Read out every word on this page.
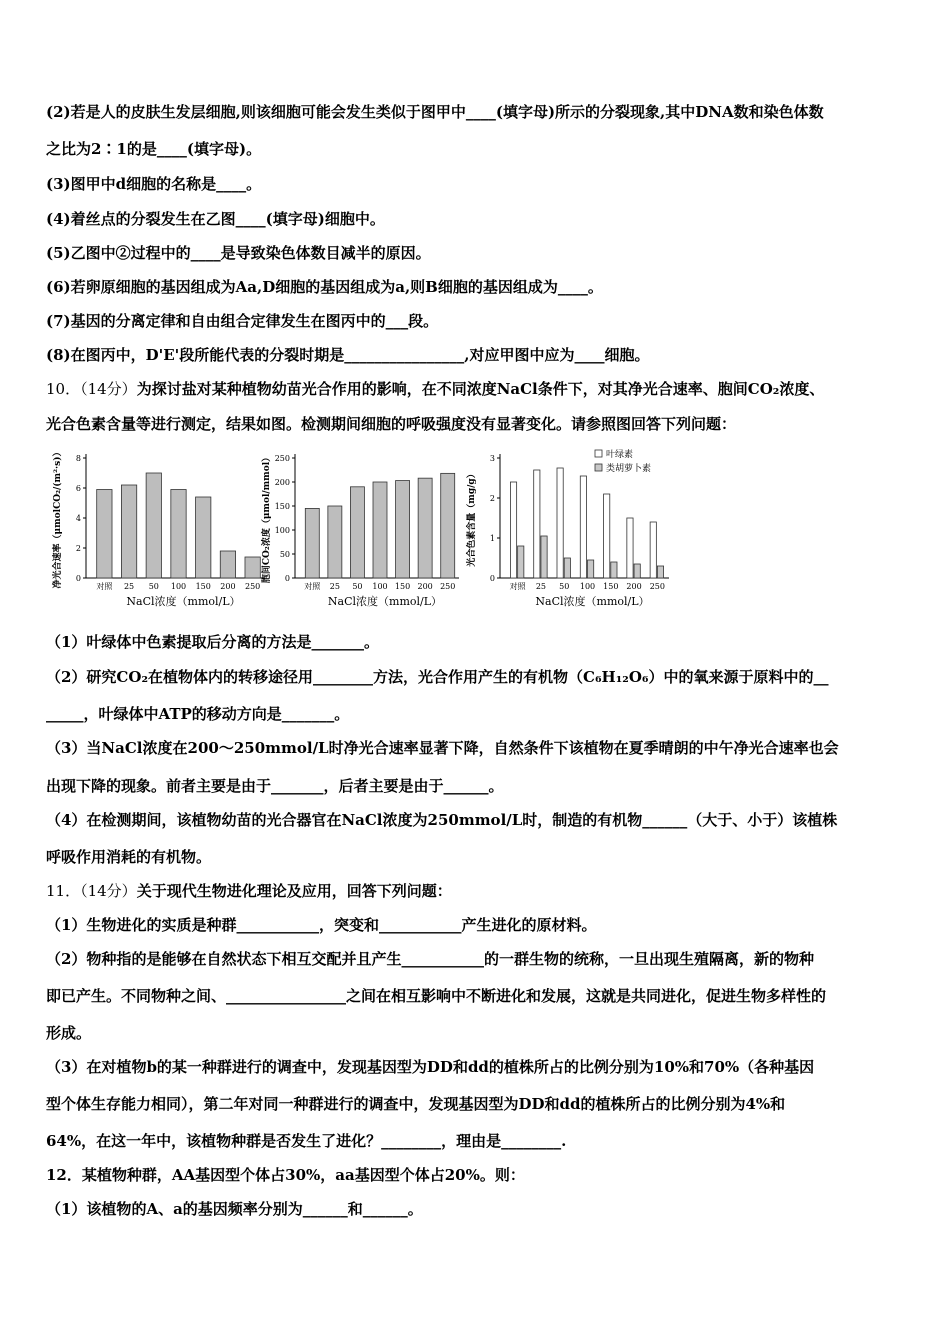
(2)若是人的皮肤生发层细胞,则该细胞可能会发生类似于图甲中____(填字母)所示的分裂现象,其中DNA数和染色体数
之比为2∶1的是____(填字母)。
(3)图甲中d细胞的名称是____。
(4)着丝点的分裂发生在乙图____(填字母)细胞中。
(5)乙图中②过程中的____是导致染色体数目减半的原因。
(6)若卵原细胞的基因组成为Aa,D细胞的基因组成为a,则B细胞的基因组成为____。
(7)基因的分离定律和自由组合定律发生在图丙中的___段。
(8)在图丙中，D'E'段所能代表的分裂时期是________________,对应甲图中应为____细胞。
10．（14分）为探讨盐对某种植物幼苗光合作用的影响，在不同浓度NaCl条件下，对其净光合速率、胞间CO₂浓度、
光合色素含量等进行测定，结果如图。检测期间细胞的呼吸强度没有显著变化。请参照图回答下列问题：
0
2
4
6
8
净光合速率（μmolCO₂/(m²·s)）	对照 25 50 100 150 200 250
NaCl浓度（mmol/L）
0
50
100
150
200
250
胞间CO₂浓度（μmol/mmol）
对照 25 50 100 150 200 250
NaCl浓度（mmol/L）
0
1
2
3
光合色素含量（mg/g）
对照 25 50 100 150 200 250
NaCl浓度（mmol/L）
叶绿素
类胡萝卜素
（1）叶绿体中色素提取后分离的方法是_______。
（2）研究CO₂在植物体内的转移途径用________方法，光合作用产生的有机物（C₆H₁₂O₆）中的氧来源于原料中的__
_____，叶绿体中ATP的移动方向是_______。
（3）当NaCl浓度在200～250mmol/L时净光合速率显著下降，自然条件下该植物在夏季晴朗的中午净光合速率也会
出现下降的现象。前者主要是由于_______，后者主要是由于______。
（4）在检测期间，该植物幼苗的光合器官在NaCl浓度为250mmol/L时，制造的有机物______（大于、小于）该植株
呼吸作用消耗的有机物。
11．（14分）关于现代生物进化理论及应用，回答下列问题：
（1）生物进化的实质是种群___________，突变和___________产生进化的原材料。
（2）物种指的是能够在自然状态下相互交配并且产生___________的一群生物的统称，一旦出现生殖隔离，新的物种
即已产生。不同物种之间、________________之间在相互影响中不断进化和发展，这就是共同进化，促进生物多样性的
形成。
（3）在对植物b的某一种群进行的调查中，发现基因型为DD和dd的植株所占的比例分别为10%和70%（各种基因
型个体生存能力相同），第二年对同一种群进行的调查中，发现基因型为DD和dd的植株所占的比例分别为4%和
64%，在这一年中，该植物种群是否发生了进化？________，理由是________.
12．某植物种群，AA基因型个体占30%，aa基因型个体占20%。则：
（1）该植物的A、a的基因频率分别为______和______。
